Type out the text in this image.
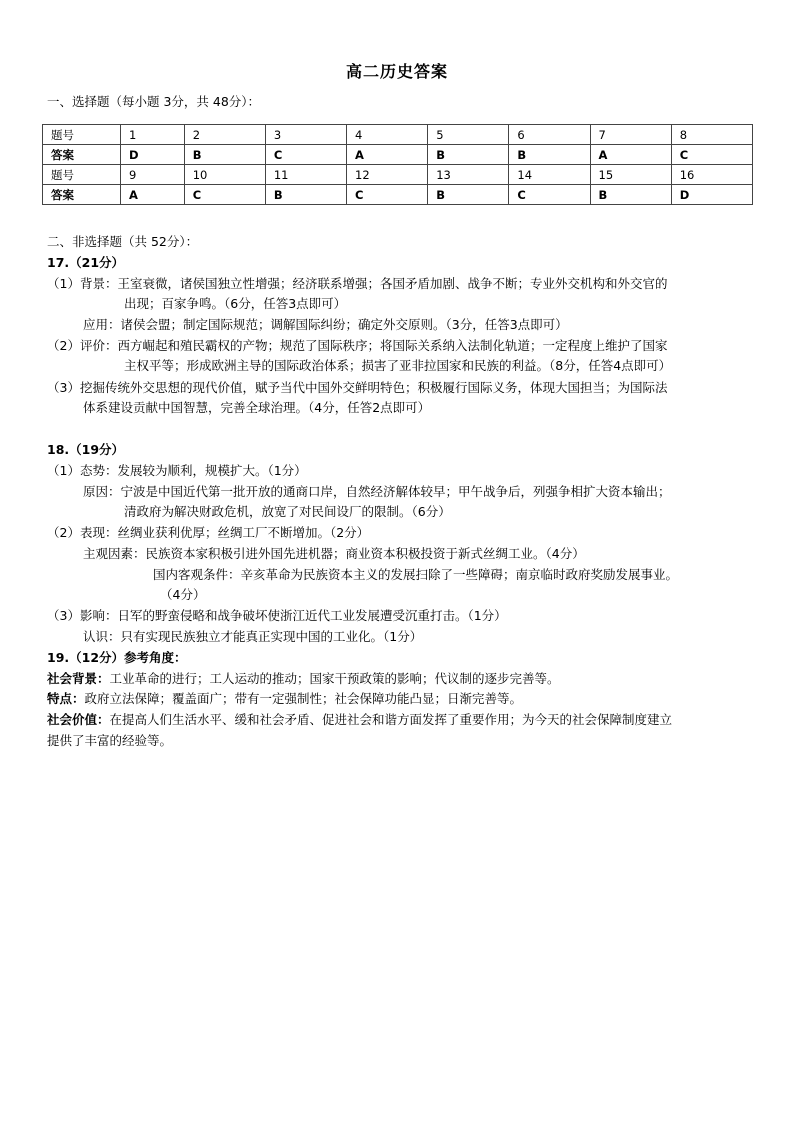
高二历史答案
一、选择题（每小题 3分，共 48分）：
题号	1	2	3	4	5	6	7	8
答案	D	B	C	A	B	B	A	C
题号	9	10	11	12	13	14	15	16
答案	A	C	B	C	B	C	B	D
二、非选择题（共 52分）：
17.（21分）
（1）背景：王室衰微，诸侯国独立性增强；经济联系增强；各国矛盾加剧、战争不断；专业外交机构和外交官的
出现；百家争鸣。（6分，任答3点即可）
应用：诸侯会盟；制定国际规范；调解国际纠纷；确定外交原则。（3分，任答3点即可）
（2）评价：西方崛起和殖民霸权的产物；规范了国际秩序；将国际关系纳入法制化轨道；一定程度上维护了国家
主权平等；形成欧洲主导的国际政治体系；损害了亚非拉国家和民族的利益。（8分，任答4点即可）
（3）挖掘传统外交思想的现代价值，赋予当代中国外交鲜明特色；积极履行国际义务，体现大国担当；为国际法
体系建设贡献中国智慧，完善全球治理。（4分，任答2点即可）
18.（19分）
（1）态势：发展较为顺利，规模扩大。（1分）
原因：宁波是中国近代第一批开放的通商口岸，自然经济解体较早；甲午战争后，列强争相扩大资本输出；
清政府为解决财政危机，放宽了对民间设厂的限制。（6分）
（2）表现：丝绸业获利优厚；丝绸工厂不断增加。（2分）
主观因素：民族资本家积极引进外国先进机器；商业资本积极投资于新式丝绸工业。（4分）
国内客观条件：辛亥革命为民族资本主义的发展扫除了一些障碍；南京临时政府奖励发展事业。
（4分）
（3）影响：日军的野蛮侵略和战争破坏使浙江近代工业发展遭受沉重打击。（1分）
认识：只有实现民族独立才能真正实现中国的工业化。（1分）
19.（12分）参考角度：
社会背景：工业革命的进行；工人运动的推动；国家干预政策的影响；代议制的逐步完善等。
特点：政府立法保障；覆盖面广；带有一定强制性；社会保障功能凸显；日渐完善等。
社会价值：在提高人们生活水平、缓和社会矛盾、促进社会和谐方面发挥了重要作用；为今天的社会保障制度建立
提供了丰富的经验等。
